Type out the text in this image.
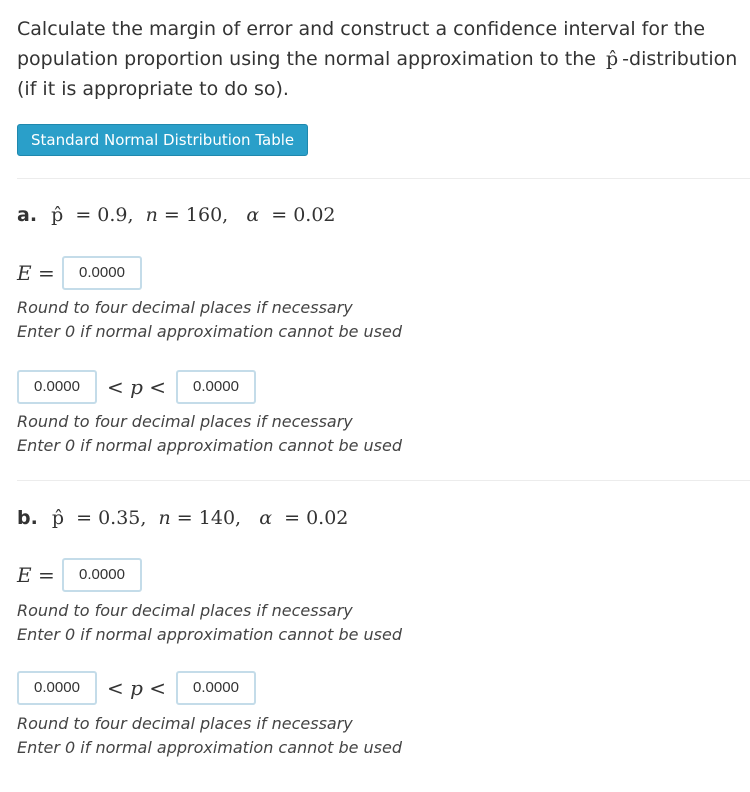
Calculate the margin of error and construct a confidence interval for the population proportion using the normal approximation to the p̂ -distribution (if it is appropriate to do so).
Standard Normal Distribution Table
a. p̂  = 0.9,  n = 160,   α  = 0.02
E =	0.0000
Round to four decimal places if necessary
Enter 0 if normal approximation cannot be used
0.0000	< p <	0.0000
Round to four decimal places if necessary
Enter 0 if normal approximation cannot be used
b. p̂  = 0.35,  n = 140,   α  = 0.02
E =	0.0000
Round to four decimal places if necessary
Enter 0 if normal approximation cannot be used
0.0000	< p <	0.0000
Round to four decimal places if necessary
Enter 0 if normal approximation cannot be used
